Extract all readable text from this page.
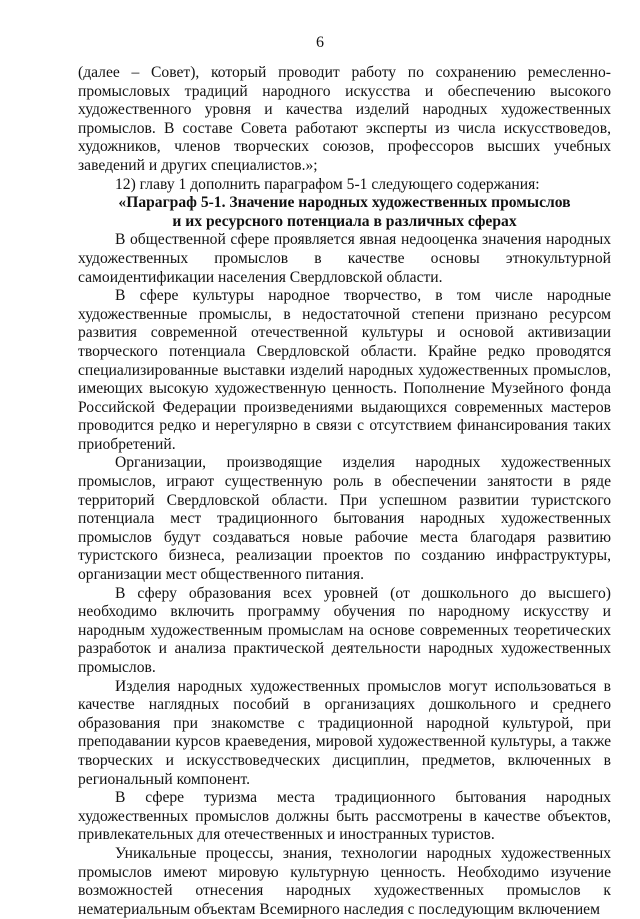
6

(далее – Совет), который проводит работу по сохранению ремесленно-промысловых традиций народного искусства и обеспечению высокого художественного уровня и качества изделий народных художественных промыслов. В составе Совета работают эксперты из числа искусствоведов, художников, членов творческих союзов, профессоров высших учебных заведений и других специалистов.»;

12) главу 1 дополнить параграфом 5-1 следующего содержания:

«Параграф 5-1. Значение народных художественных промыслов

и их ресурсного потенциала в различных сферах

В общественной сфере проявляется явная недооценка значения народных художественных промыслов в качестве основы этнокультурной самоидентификации населения Свердловской области.

В сфере культуры народное творчество, в том числе народные художественные промыслы, в недостаточной степени признано ресурсом развития современной отечественной культуры и основой активизации творческого потенциала Свердловской области. Крайне редко проводятся специализированные выставки изделий народных художественных промыслов, имеющих высокую художественную ценность. Пополнение Музейного фонда Российской Федерации произведениями выдающихся современных мастеров проводится редко и нерегулярно в связи с отсутствием финансирования таких приобретений.

Организации, производящие изделия народных художественных промыслов, играют существенную роль в обеспечении занятости в ряде территорий Свердловской области. При успешном развитии туристского потенциала мест традиционного бытования народных художественных промыслов будут создаваться новые рабочие места благодаря развитию туристского бизнеса, реализации проектов по созданию инфраструктуры, организации мест общественного питания.

В сферу образования всех уровней (от дошкольного до высшего) необходимо включить программу обучения по народному искусству и народным художественным промыслам на основе современных теоретических разработок и анализа практической деятельности народных художественных промыслов.

Изделия народных художественных промыслов могут использоваться в качестве наглядных пособий в организациях дошкольного и среднего образования при знакомстве с традиционной народной культурой, при преподавании курсов краеведения, мировой художественной культуры, а также творческих и искусствоведческих дисциплин, предметов, включенных в региональный компонент.

В сфере туризма места традиционного бытования народных художественных промыслов должны быть рассмотрены в качестве объектов, привлекательных для отечественных и иностранных туристов.

Уникальные процессы, знания, технологии народных художественных промыслов имеют мировую культурную ценность. Необходимо изучение возможностей отнесения народных художественных промыслов к нематериальным объектам Всемирного наследия с последующим включением
